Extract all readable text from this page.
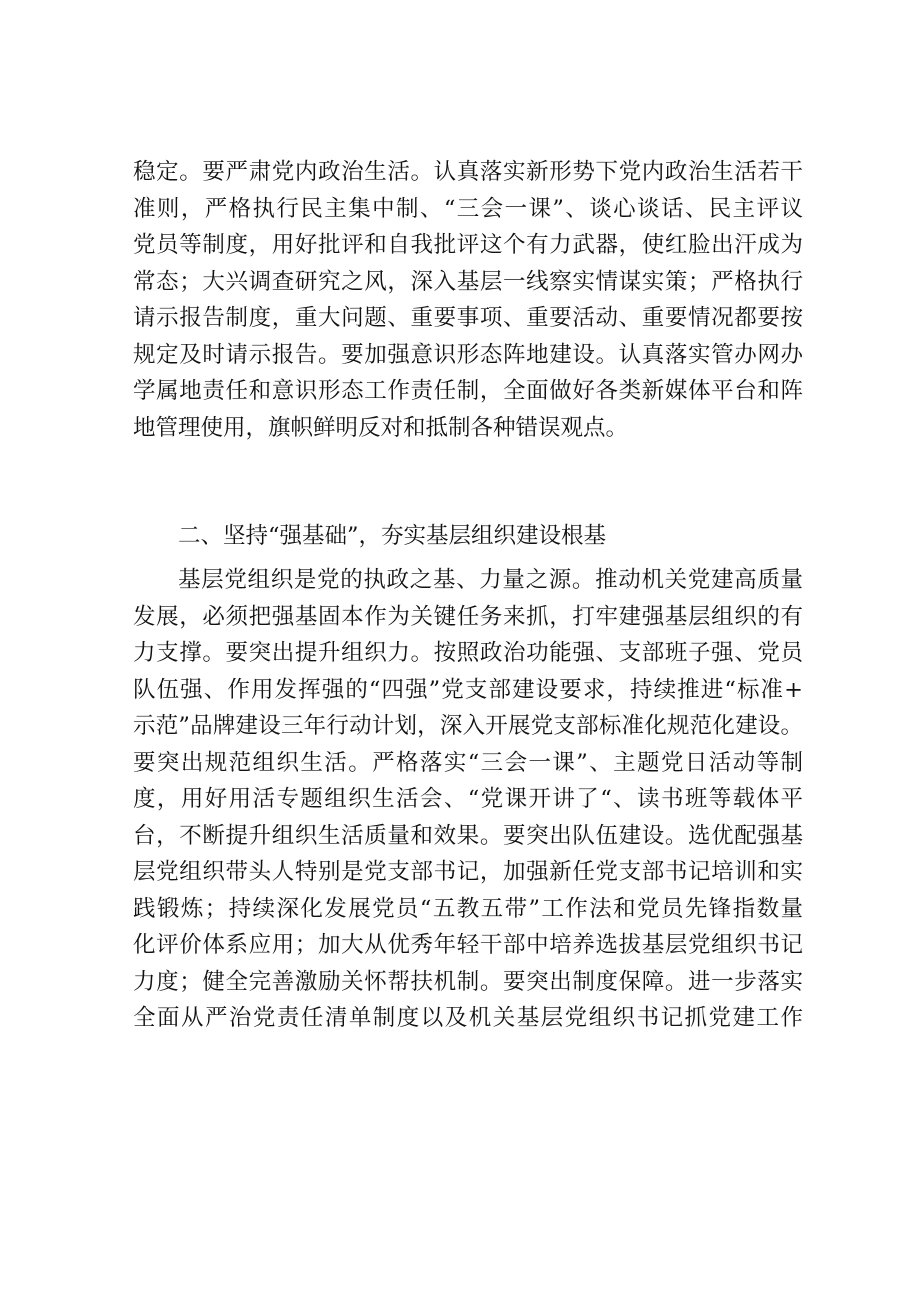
稳定。要严肃党内政治生活。认真落实新形势下党内政治生活若干
准则，严格执行民主集中制、“三会一课”、谈心谈话、民主评议
党员等制度，用好批评和自我批评这个有力武器，使红脸出汗成为
常态；大兴调查研究之风，深入基层一线察实情谋实策；严格执行
请示报告制度，重大问题、重要事项、重要活动、重要情况都要按
规定及时请示报告。要加强意识形态阵地建设。认真落实管办网办
学属地责任和意识形态工作责任制，全面做好各类新媒体平台和阵
地管理使用，旗帜鲜明反对和抵制各种错误观点。
二、坚持“强基础”，夯实基层组织建设根基
基层党组织是党的执政之基、力量之源。推动机关党建高质量
发展，必须把强基固本作为关键任务来抓，打牢建强基层组织的有
力支撑。要突出提升组织力。按照政治功能强、支部班子强、党员
队伍强、作用发挥强的“四强”党支部建设要求，持续推进“标准+
示范”品牌建设三年行动计划，深入开展党支部标准化规范化建设。
要突出规范组织生活。严格落实“三会一课”、主题党日活动等制
度，用好用活专题组织生活会、“党课开讲了“、读书班等载体平
台，不断提升组织生活质量和效果。要突出队伍建设。选优配强基
层党组织带头人特别是党支部书记，加强新任党支部书记培训和实
践锻炼；持续深化发展党员“五教五带”工作法和党员先锋指数量
化评价体系应用；加大从优秀年轻干部中培养选拔基层党组织书记
力度；健全完善激励关怀帮扶机制。要突出制度保障。进一步落实
全面从严治党责任清单制度以及机关基层党组织书记抓党建工作
